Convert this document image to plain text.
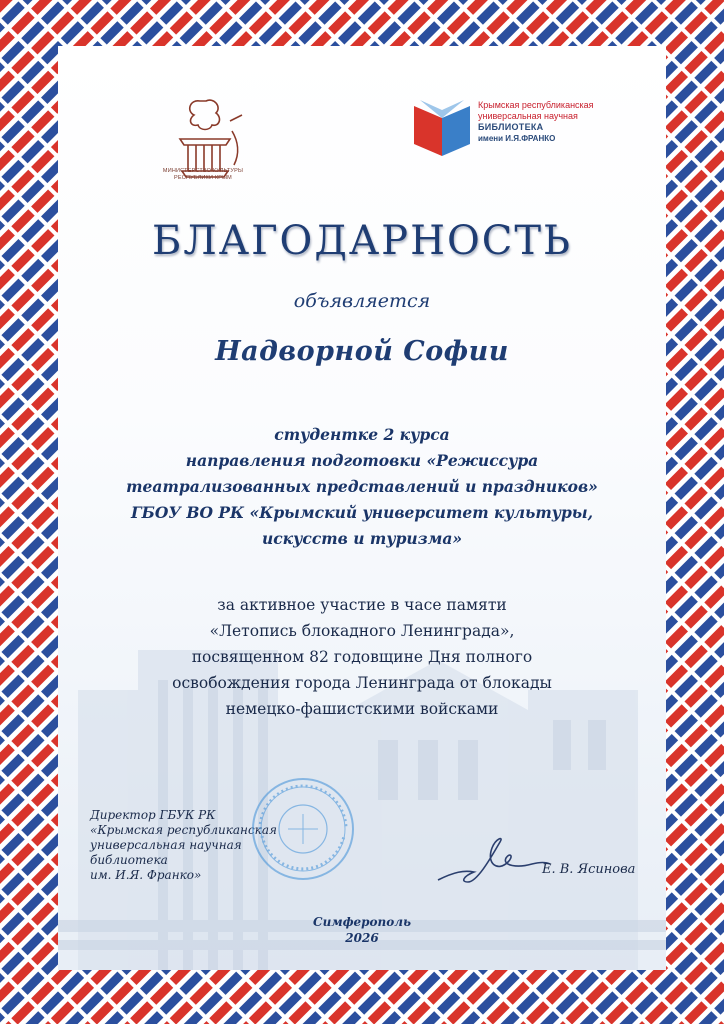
МИНИСТЕРСТВО КУЛЬТУРЫ
РЕСПУБЛИКИ КРЫМ
Крымская республиканская
универсальная научная
БИБЛИОТЕКА
имени И.Я.ФРАНКО
БЛАГОДАРНОСТЬ
объявляется
Надворной Софии
студентке 2 курса
направления подготовки «Режиссура
театрализованных представлений и праздников»
ГБОУ ВО РК «Крымский университет культуры,
искусств и туризма»
за активное участие в часе памяти
«Летопись блокадного Ленинграда»,
посвященном 82 годовщине Дня полного
освобождения города Ленинграда от блокады
немецко-фашистскими войсками
Директор ГБУК РК
«Крымская республиканская
универсальная научная библиотека
им. И.Я. Франко»	Е. В. Ясинова
Симферополь
2026
